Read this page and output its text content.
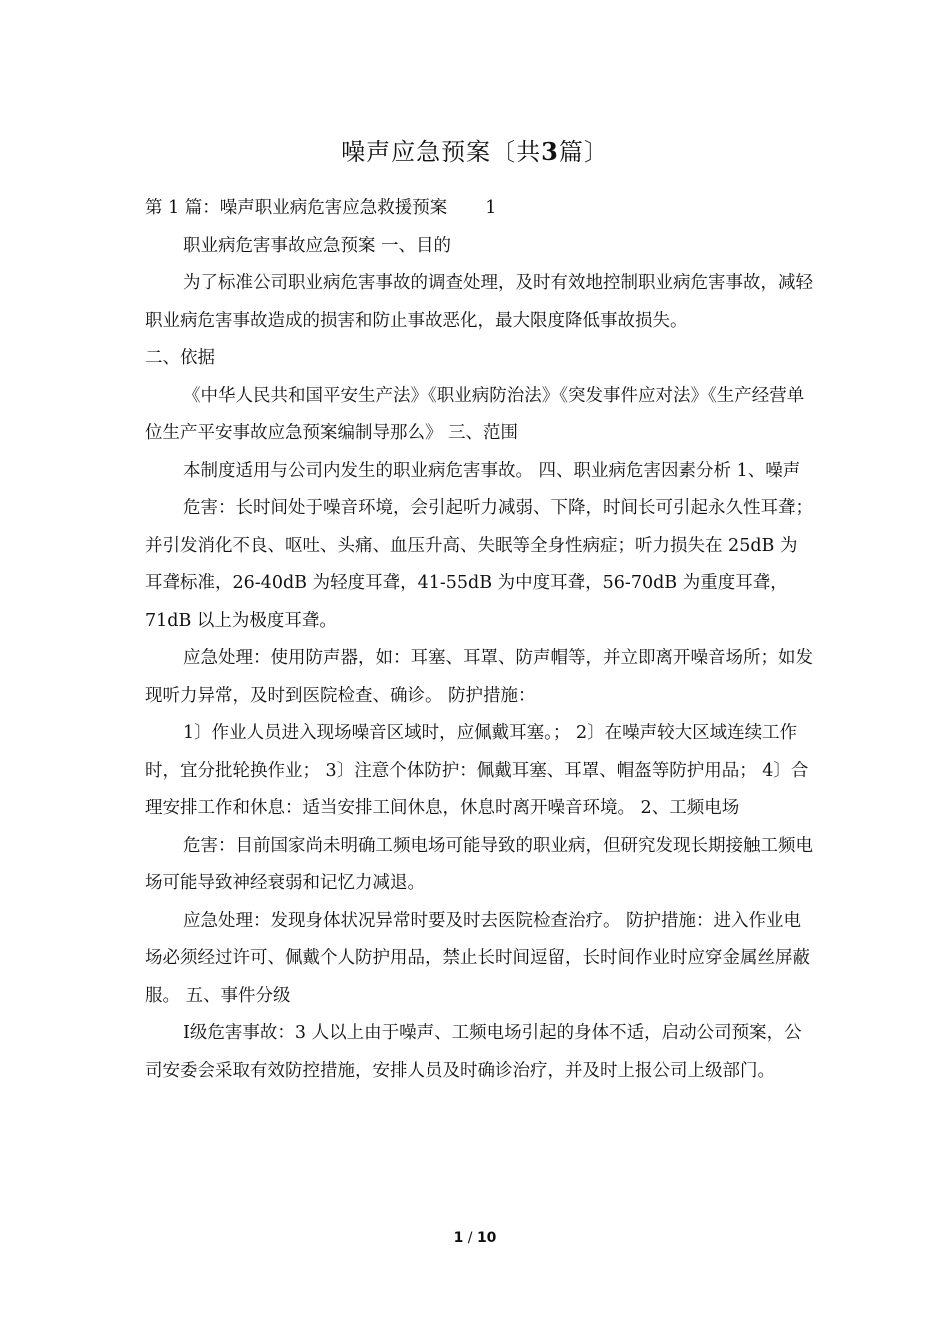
噪声应急预案〔共3篇〕

第 1 篇：噪声职业病危害应急救援预案 1

职业病危害事故应急预案 一、目的

为了标准公司职业病危害事故的调查处理，及时有效地控制职业病危害事故，减轻职业病危害事故造成的损害和防止事故恶化，最大限度降低事故损失。

二、依据

《中华人民共和国平安生产法》《职业病防治法》《突发事件应对法》《生产经营单位生产平安事故应急预案编制导那么》 三、范围

本制度适用与公司内发生的职业病危害事故。 四、职业病危害因素分析 1、噪声

危害：长时间处于噪音环境，会引起听力减弱、下降，时间长可引起永久性耳聋；并引发消化不良、呕吐、头痛、血压升高、失眠等全身性病症；听力损失在 25dB 为耳聋标准，26-40dB 为轻度耳聋，41-55dB 为中度耳聋，56-70dB 为重度耳聋，71dB 以上为极度耳聋。

应急处理：使用防声器，如：耳塞、耳罩、防声帽等，并立即离开噪音场所；如发现听力异常，及时到医院检查、确诊。 防护措施：

1〕作业人员进入现场噪音区域时，应佩戴耳塞。； 2〕在噪声较大区域连续工作时，宜分批轮换作业； 3〕注意个体防护：佩戴耳塞、耳罩、帽盔等防护用品； 4〕合理安排工作和休息：适当安排工间休息，休息时离开噪音环境。 2、工频电场

危害：目前国家尚未明确工频电场可能导致的职业病，但研究发现长期接触工频电 场可能导致神经衰弱和记忆力减退。

应急处理：发现身体状况异常时要及时去医院检查治疗。 防护措施：进入作业电场必须经过许可、佩戴个人防护用品，禁止长时间逗留，长时间作业时应穿金属丝屏蔽服。 五、事件分级

Ⅰ级危害事故：3 人以上由于噪声、工频电场引起的身体不适，启动公司预案，公司安委会采取有效防控措施，安排人员及时确诊治疗，并及时上报公司上级部门。

1 / 10
